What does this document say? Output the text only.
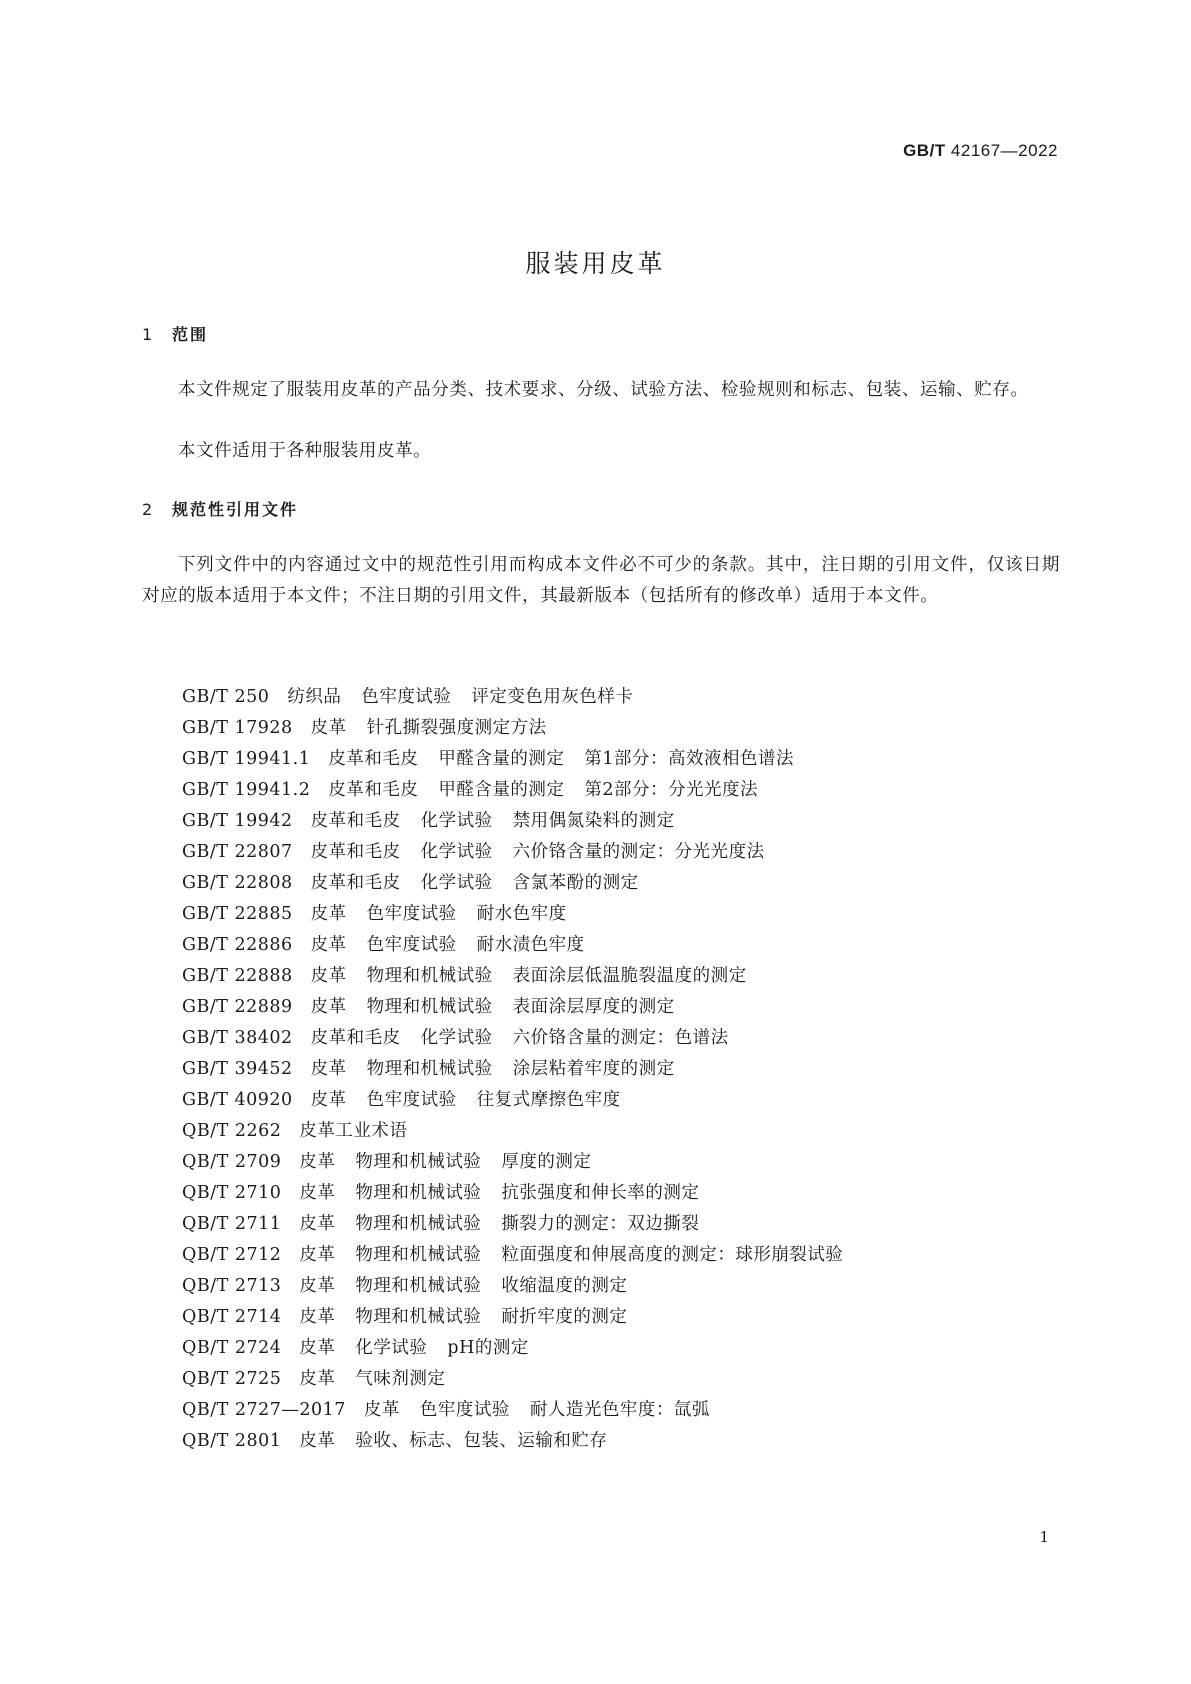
GB/T 42167—2022
服装用皮革
1 范围
本文件规定了服装用皮革的产品分类、技术要求、分级、试验方法、检验规则和标志、包装、运输、贮存。
本文件适用于各种服装用皮革。
2 规范性引用文件
下列文件中的内容通过文中的规范性引用而构成本文件必不可少的条款。其中，注日期的引用文件，仅该日期对应的版本适用于本文件；不注日期的引用文件，其最新版本（包括所有的修改单）适用于本文件。
GB/T 250 纺织品 色牢度试验 评定变色用灰色样卡
GB/T 17928 皮革 针孔撕裂强度测定方法
GB/T 19941.1 皮革和毛皮 甲醛含量的测定 第1部分：高效液相色谱法
GB/T 19941.2 皮革和毛皮 甲醛含量的测定 第2部分：分光光度法
GB/T 19942 皮革和毛皮 化学试验 禁用偶氮染料的测定
GB/T 22807 皮革和毛皮 化学试验 六价铬含量的测定：分光光度法
GB/T 22808 皮革和毛皮 化学试验 含氯苯酚的测定
GB/T 22885 皮革 色牢度试验 耐水色牢度
GB/T 22886 皮革 色牢度试验 耐水渍色牢度
GB/T 22888 皮革 物理和机械试验 表面涂层低温脆裂温度的测定
GB/T 22889 皮革 物理和机械试验 表面涂层厚度的测定
GB/T 38402 皮革和毛皮 化学试验 六价铬含量的测定：色谱法
GB/T 39452 皮革 物理和机械试验 涂层粘着牢度的测定
GB/T 40920 皮革 色牢度试验 往复式摩擦色牢度
QB/T 2262 皮革工业术语
QB/T 2709 皮革 物理和机械试验 厚度的测定
QB/T 2710 皮革 物理和机械试验 抗张强度和伸长率的测定
QB/T 2711 皮革 物理和机械试验 撕裂力的测定：双边撕裂
QB/T 2712 皮革 物理和机械试验 粒面强度和伸展高度的测定：球形崩裂试验
QB/T 2713 皮革 物理和机械试验 收缩温度的测定
QB/T 2714 皮革 物理和机械试验 耐折牢度的测定
QB/T 2724 皮革 化学试验 pH的测定
QB/T 2725 皮革 气味剂测定
QB/T 2727—2017 皮革 色牢度试验 耐人造光色牢度：氙弧
QB/T 2801 皮革 验收、标志、包装、运输和贮存
1
